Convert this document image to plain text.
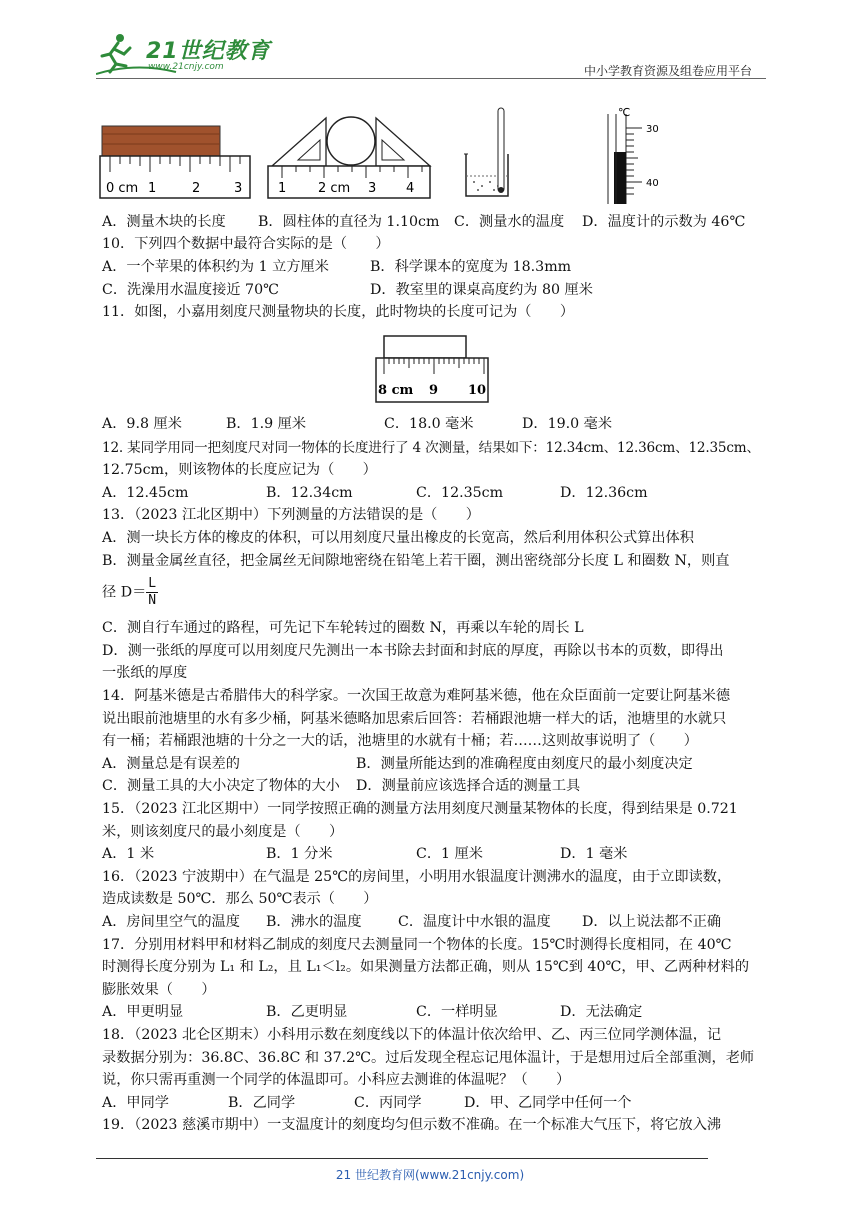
21世纪教育
www.21cnjy.com	中小学教育资源及组卷应用平台
0 cm 1	2	3	1 2 cm 3 4
℃
30
40
A．测量木块的长度 B．圆柱体的直径为 1.10cm C．测量水的温度 D．温度计的示数为 46℃
10．下列四个数据中最符合实际的是（　　）
A．一个苹果的体积约为 1 立方厘米	B．科学课本的宽度为 18.3mm
C．洗澡用水温度接近 70℃	D．教室里的课桌高度约为 80 厘米
11．如图，小嘉用刻度尺测量物块的长度，此时物块的长度可记为（　　）
8 cm 9 10
A．9.8 厘米	B．1.9 厘米	C．18.0 毫米	D．19.0 毫米
12. 某同学用同一把刻度尺对同一物体的长度进行了 4 次测量，结果如下：12.34cm、12.36cm、12.35cm、
12.75cm，则该物体的长度应记为（　　）
A．12.45cm	B．12.34cm	C．12.35cm	D．12.36cm
13．（2023 江北区期中）下列测量的方法错误的是（　　）
A．测一块长方体的橡皮的体积，可以用刻度尺量出橡皮的长宽高，然后利用体积公式算出体积
B．测量金属丝直径，把金属丝无间隙地密绕在铅笔上若干圈，测出密绕部分长度 L 和圈数 N，则直
径 $D= \frac{L}{N}$
C．测自行车通过的路程，可先记下车轮转过的圈数 N，再乘以车轮的周长 L
D．测一张纸的厚度可以用刻度尺先测出一本书除去封面和封底的厚度，再除以书本的页数，即得出
一张纸的厚度
14．阿基米德是古希腊伟大的科学家。一次国王故意为难阿基米德，他在众臣面前一定要让阿基米德
说出眼前池塘里的水有多少桶，阿基米德略加思索后回答：若桶跟池塘一样大的话，池塘里的水就只
有一桶；若桶跟池塘的十分之一大的话，池塘里的水就有十桶；若……这则故事说明了（　　）
A．测量总是有误差的	B．测量所能达到的准确程度由刻度尺的最小刻度决定
C．测量工具的大小决定了物体的大小 D．测量前应该选择合适的测量工具
15．（2023 江北区期中）一同学按照正确的测量方法用刻度尺测量某物体的长度，得到结果是 0.721
米，则该刻度尺的最小刻度是（　　）
A．1 米	B．1 分米	C．1 厘米	D．1 毫米
16．（2023 宁波期中）在气温是 25℃的房间里，小明用水银温度计测沸水的温度，由于立即读数，
造成读数是 50℃．那么 50℃表示（　　）
A．房间里空气的温度 B．沸水的温度	C．温度计中水银的温度 D．以上说法都不正确
17．分别用材料甲和材料乙制成的刻度尺去测量同一个物体的长度。15℃时测得长度相同，在 40℃
时测得长度分别为 L₁ 和 L₂，且 L₁＜l₂。如果测量方法都正确，则从 15℃到 40℃，甲、乙两种材料的
膨胀效果（　　）
A．甲更明显	B．乙更明显	C．一样明显	D．无法确定
18．（2023 北仑区期末）小科用示数在刻度线以下的体温计依次给甲、乙、丙三位同学测体温，记
录数据分别为：36.8C、36.8C 和 37.2℃。过后发现全程忘记甩体温计，于是想用过后全部重测，老师
说，你只需再重测一个同学的体温即可。小科应去测谁的体温呢？（　　）
A．甲同学	B．乙同学	C．丙同学	D．甲、乙同学中任何一个
19．（2023 慈溪市期中）一支温度计的刻度均匀但示数不准确。在一个标准大气压下，将它放入沸
21 世纪教育网(www.21cnjy.com)
